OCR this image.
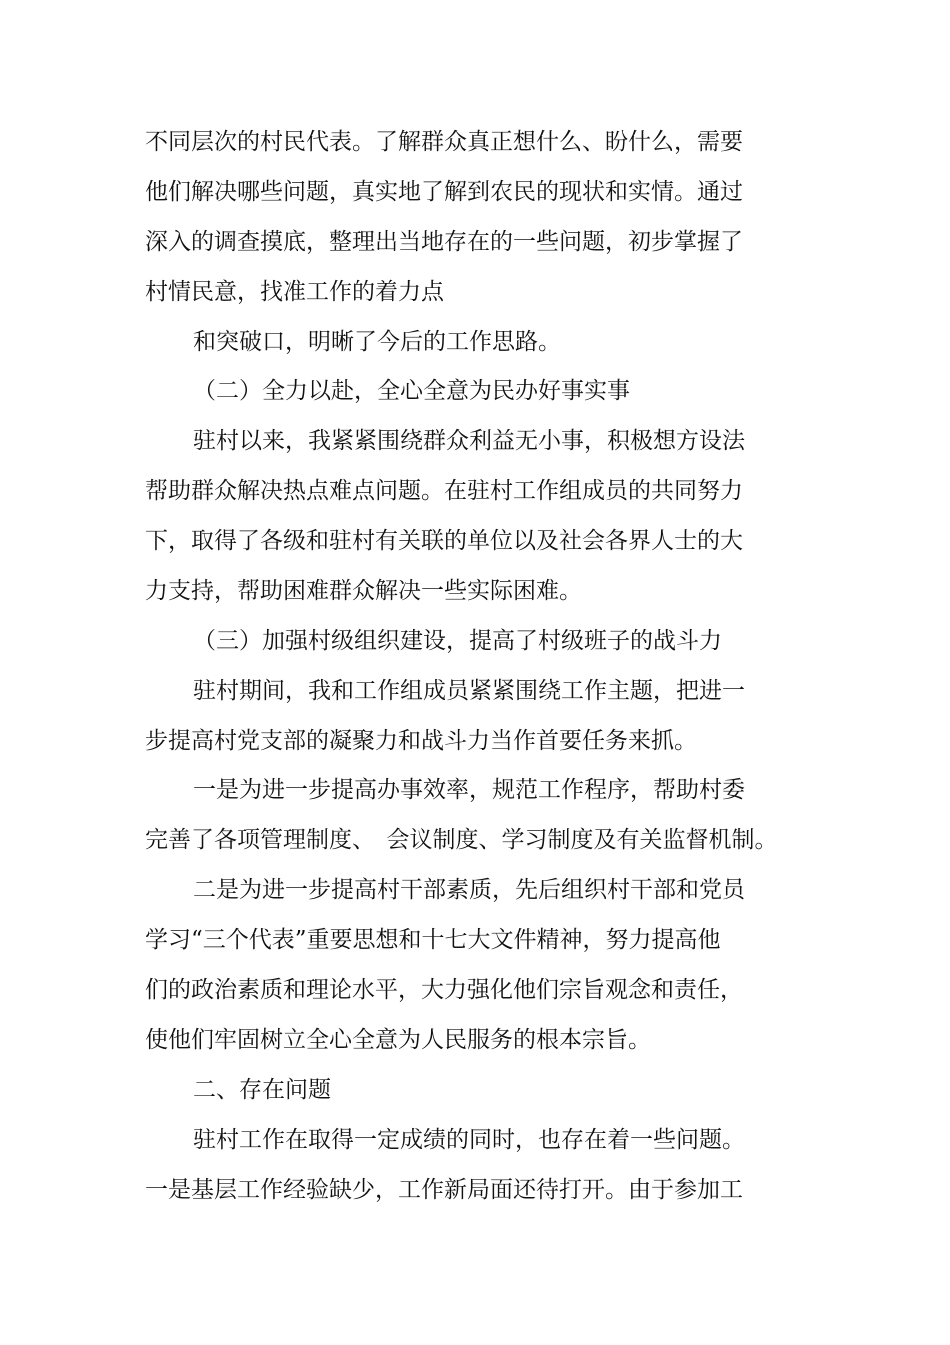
不同层次的村民代表。了解群众真正想什么、盼什么，需要

他们解决哪些问题，真实地了解到农民的现状和实情。通过

深入的调查摸底，整理出当地存在的一些问题，初步掌握了

村情民意，找准工作的着力点

和突破口，明晰了今后的工作思路。

（二）全力以赴，全心全意为民办好事实事

驻村以来，我紧紧围绕群众利益无小事，积极想方设法

帮助群众解决热点难点问题。在驻村工作组成员的共同努力

下，取得了各级和驻村有关联的单位以及社会各界人士的大

力支持，帮助困难群众解决一些实际困难。

（三）加强村级组织建设，提高了村级班子的战斗力

驻村期间，我和工作组成员紧紧围绕工作主题，把进一

步提高村党支部的凝聚力和战斗力当作首要任务来抓。

一是为进一步提高办事效率，规范工作程序，帮助村委

完善了各项管理制度、　会议制度、学习制度及有关监督机制。

二是为进一步提高村干部素质，先后组织村干部和党员

学习“三个代表”重要思想和十七大文件精神，努力提高他

们的政治素质和理论水平，大力强化他们宗旨观念和责任，

使他们牢固树立全心全意为人民服务的根本宗旨。

二、存在问题

驻村工作在取得一定成绩的同时，也存在着一些问题。

一是基层工作经验缺少，工作新局面还待打开。由于参加工
